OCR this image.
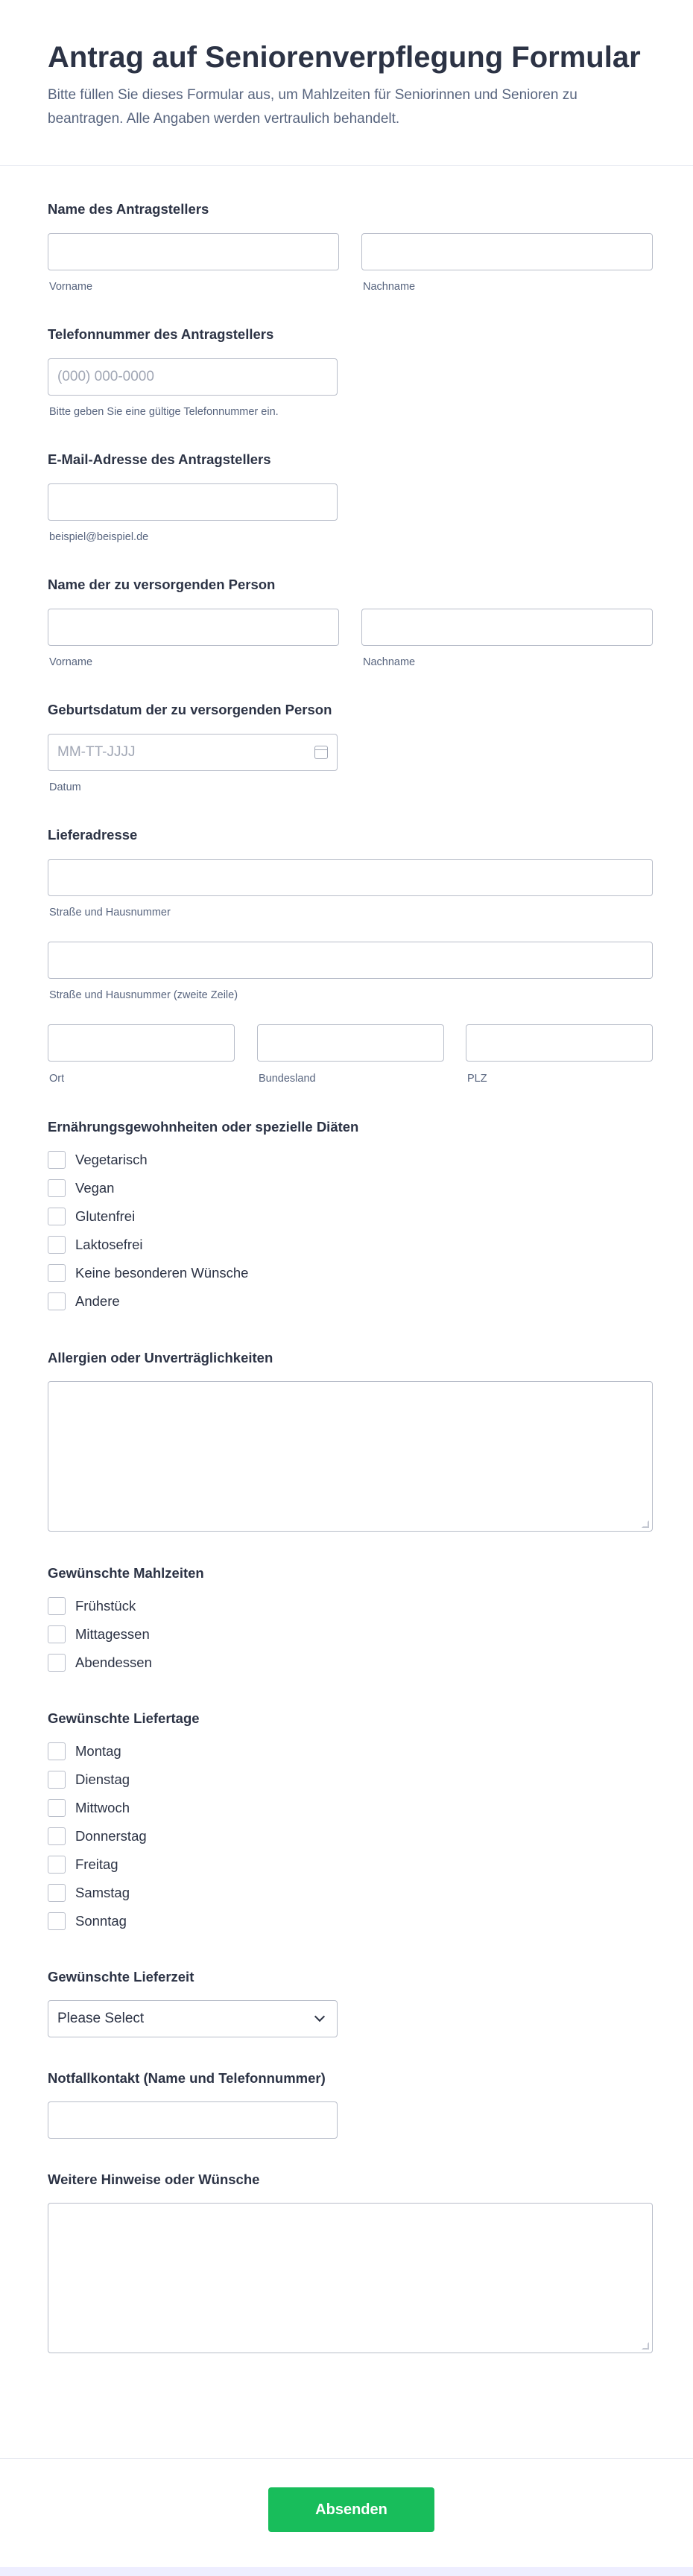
Antrag auf Seniorenverpflegung Formular

Bitte füllen Sie dieses Formular aus, um Mahlzeiten für Seniorinnen und Senioren zu beantragen. Alle Angaben werden vertraulich behandelt.

Name des Antragstellers
Vorname	Nachname
Telefonnummer des Antragstellers
(000) 000-0000
Bitte geben Sie eine gültige Telefonnummer ein.
E-Mail-Adresse des Antragstellers
beispiel@beispiel.de
Name der zu versorgenden Person
Vorname	Nachname
Geburtsdatum der zu versorgenden Person
MM-TT-JJJJ
Datum
Lieferadresse
Straße und Hausnummer
Straße und Hausnummer (zweite Zeile)
Ort	Bundesland	PLZ
Ernährungsgewohnheiten oder spezielle Diäten
Vegetarisch
Vegan
Glutenfrei
Laktosefrei
Keine besonderen Wünsche
Andere
Allergien oder Unverträglichkeiten
Gewünschte Mahlzeiten
Frühstück
Mittagessen
Abendessen
Gewünschte Liefertage
Montag
Dienstag
Mittwoch
Donnerstag
Freitag
Samstag
Sonntag
Gewünschte Lieferzeit
Please Select
Notfallkontakt (Name und Telefonnummer)
Weitere Hinweise oder Wünsche
Absenden
